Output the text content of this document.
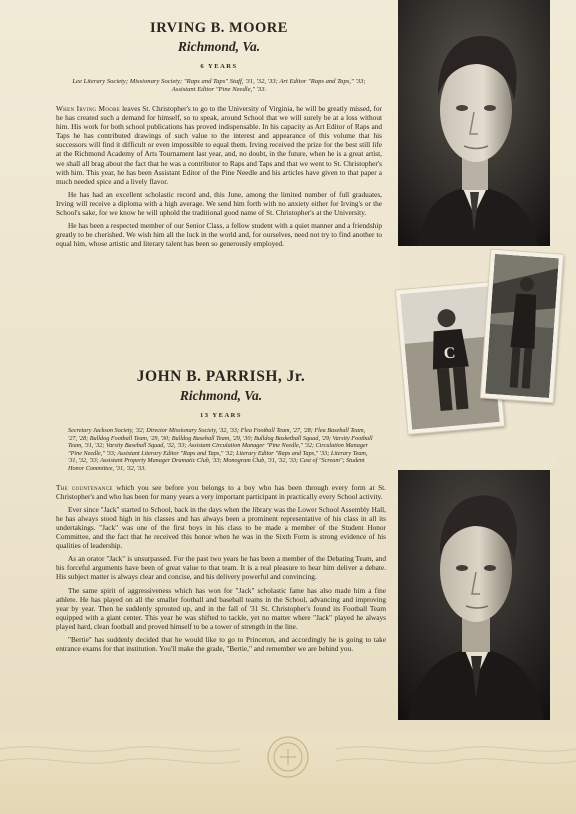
IRVING B. MOORE

Richmond, Va.

6 YEARS

Lee Literary Society; Missionary Society; "Raps and Taps" Staff, '31, '32, '33; Art Editor "Raps and Taps," '33; Assistant Editor "Pine Needle," '33.

When Irving Moore leaves St. Christopher's to go to the University of Virginia, he will be greatly missed, for he has created such a demand for himself, so to speak, around School that we will surely be at a loss without him. His work for both school publications has proved indispensable. In his capacity as Art Editor of Raps and Taps he has contributed drawings of such value to the interest and appearance of this volume that his successors will find it difficult or even impossible to equal them. Irving received the prize for the best still life at the Richmond Academy of Arts Tournament last year, and, no doubt, in the future, when he is a great artist, we shall all brag about the fact that he was a contributor to Raps and Taps and that we went to St. Christopher's with him. This year, he has been Assistant Editor of the Pine Needle and his articles have given to that paper a much needed spice and a lively flavor.

He has had an excellent scholastic record and, this June, among the limited number of full graduates, Irving will receive a diploma with a high average. We send him forth with no anxiety either for Irving's or the School's sake, for we know he will uphold the traditional good name of St. Christopher's at the University.

He has been a respected member of our Senior Class, a fellow student with a quiet manner and a friendship greatly to be cherished. We wish him all the luck in the world and, for ourselves, need not try to find another to equal him, whose artistic and literary talent has been so generously employed.

JOHN B. PARRISH, Jr.

Richmond, Va.

13 YEARS

Secretary Jackson Society, '32; Director Missionary Society, '32, '33; Flea Football Team, '27, '28; Flea Baseball Team, '27, '28; Bulldog Football Team, '29, '30; Bulldog Baseball Team, '29, '30; Bulldog Basketball Squad, '29; Varsity Football Team, '31, '32; Varsity Baseball Squad, '32, '33; Assistant Circulation Manager "Pine Needle," '32; Circulation Manager "Pine Needle," '33; Assistant Literary Editor "Raps and Taps," '32; Literary Editor "Raps and Taps," '33; Literary Team, '31, '32, '33; Assistant Property Manager Dramatic Club, '33; Monogram Club, '31, '32, '33; Cast of "Scream"; Student Honor Committee, '31, '32, '33.

The countenance which you see before you belongs to a boy who has been through every form at St. Christopher's and who has been for many years a very important participant in practically every School activity.

Ever since "Jack" started to School, back in the days when the library was the Lower School Assembly Hall, he has always stood high in his classes and has always been a prominent representative of his class in all its undertakings. "Jack" was one of the first boys in his class to be made a member of the Student Honor Committee, and the fact that he received this honor when he was in the Sixth Form is strong evidence of his qualities of leadership.

As an orator "Jack" is unsurpassed. For the past two years he has been a member of the Debating Team, and his forceful arguments have been of great value to that team. It is a real pleasure to hear him deliver a debate. His subject matter is always clear and concise, and his delivery powerful and convincing.

The same spirit of aggressiveness which has won for "Jack" scholastic fame has also made him a fine athlete. He has played on all the smaller football and baseball teams in the School, advancing and improving year by year. Then he suddenly sprouted up, and in the fall of '31 St. Christopher's found its Football Team equipped with a giant center. This year he was shifted to tackle, yet no matter where "Jack" played he always played hard, clean football and proved himself to be a tower of strength in the line.

"Bertie" has suddenly decided that he would like to go to Princeton, and accordingly he is going to take entrance exams for that institution. You'll make the grade, "Bertie," and remember we are behind you.

C
